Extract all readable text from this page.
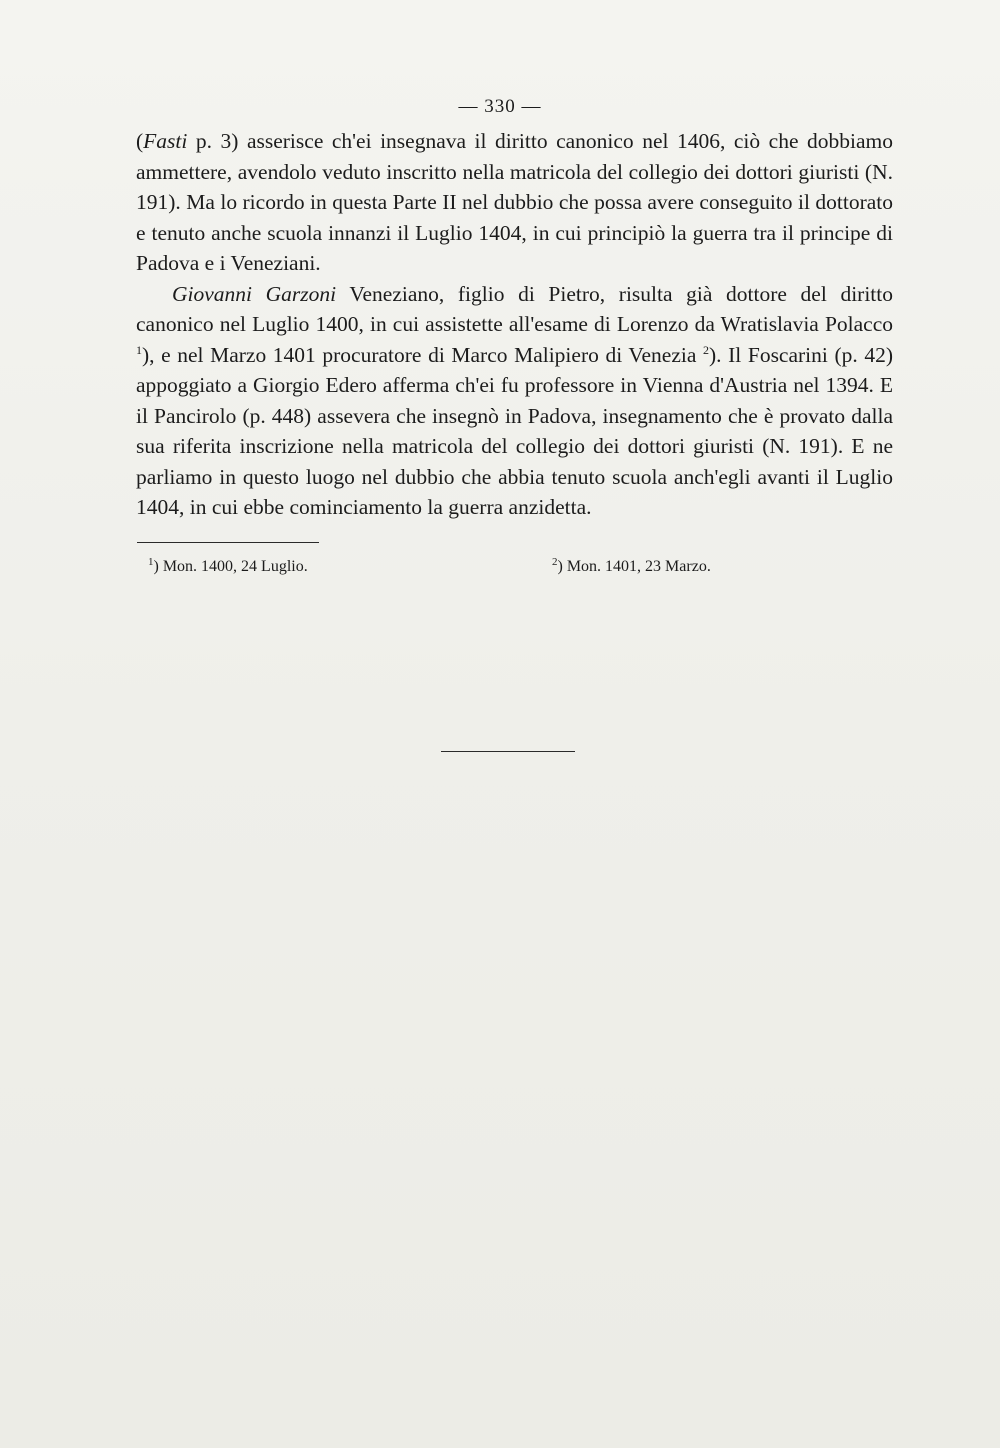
— 330 —

(Fasti p. 3) asserisce ch'ei insegnava il diritto canonico nel 1406, ciò che dobbiamo ammettere, avendolo veduto inscritto nella matricola del collegio dei dottori giuristi (N. 191). Ma lo ricordo in questa Parte II nel dubbio che possa avere conseguito il dottorato e tenuto anche scuola innanzi il Luglio 1404, in cui principiò la guerra tra il principe di Padova e i Veneziani.

Giovanni Garzoni Veneziano, figlio di Pietro, risulta già dottore del diritto canonico nel Luglio 1400, in cui assistette all'esame di Lorenzo da Wratislavia Polacco $^1$), e nel Marzo 1401 procuratore di Marco Malipiero di Venezia $^2$). Il Foscarini (p. 42) appoggiato a Giorgio Edero afferma ch'ei fu professore in Vienna d'Austria nel 1394. E il Pancirolo (p. 448) assevera che insegnò in Padova, insegnamento che è provato dalla sua riferita inscrizione nella matricola del collegio dei dottori giuristi (N. 191). E ne parliamo in questo luogo nel dubbio che abbia tenuto scuola anch'egli avanti il Luglio 1404, in cui ebbe cominciamento la guerra anzidetta.

$^1$) Mon. 1400, 24 Luglio.	$^2$) Mon. 1401, 23 Marzo.
